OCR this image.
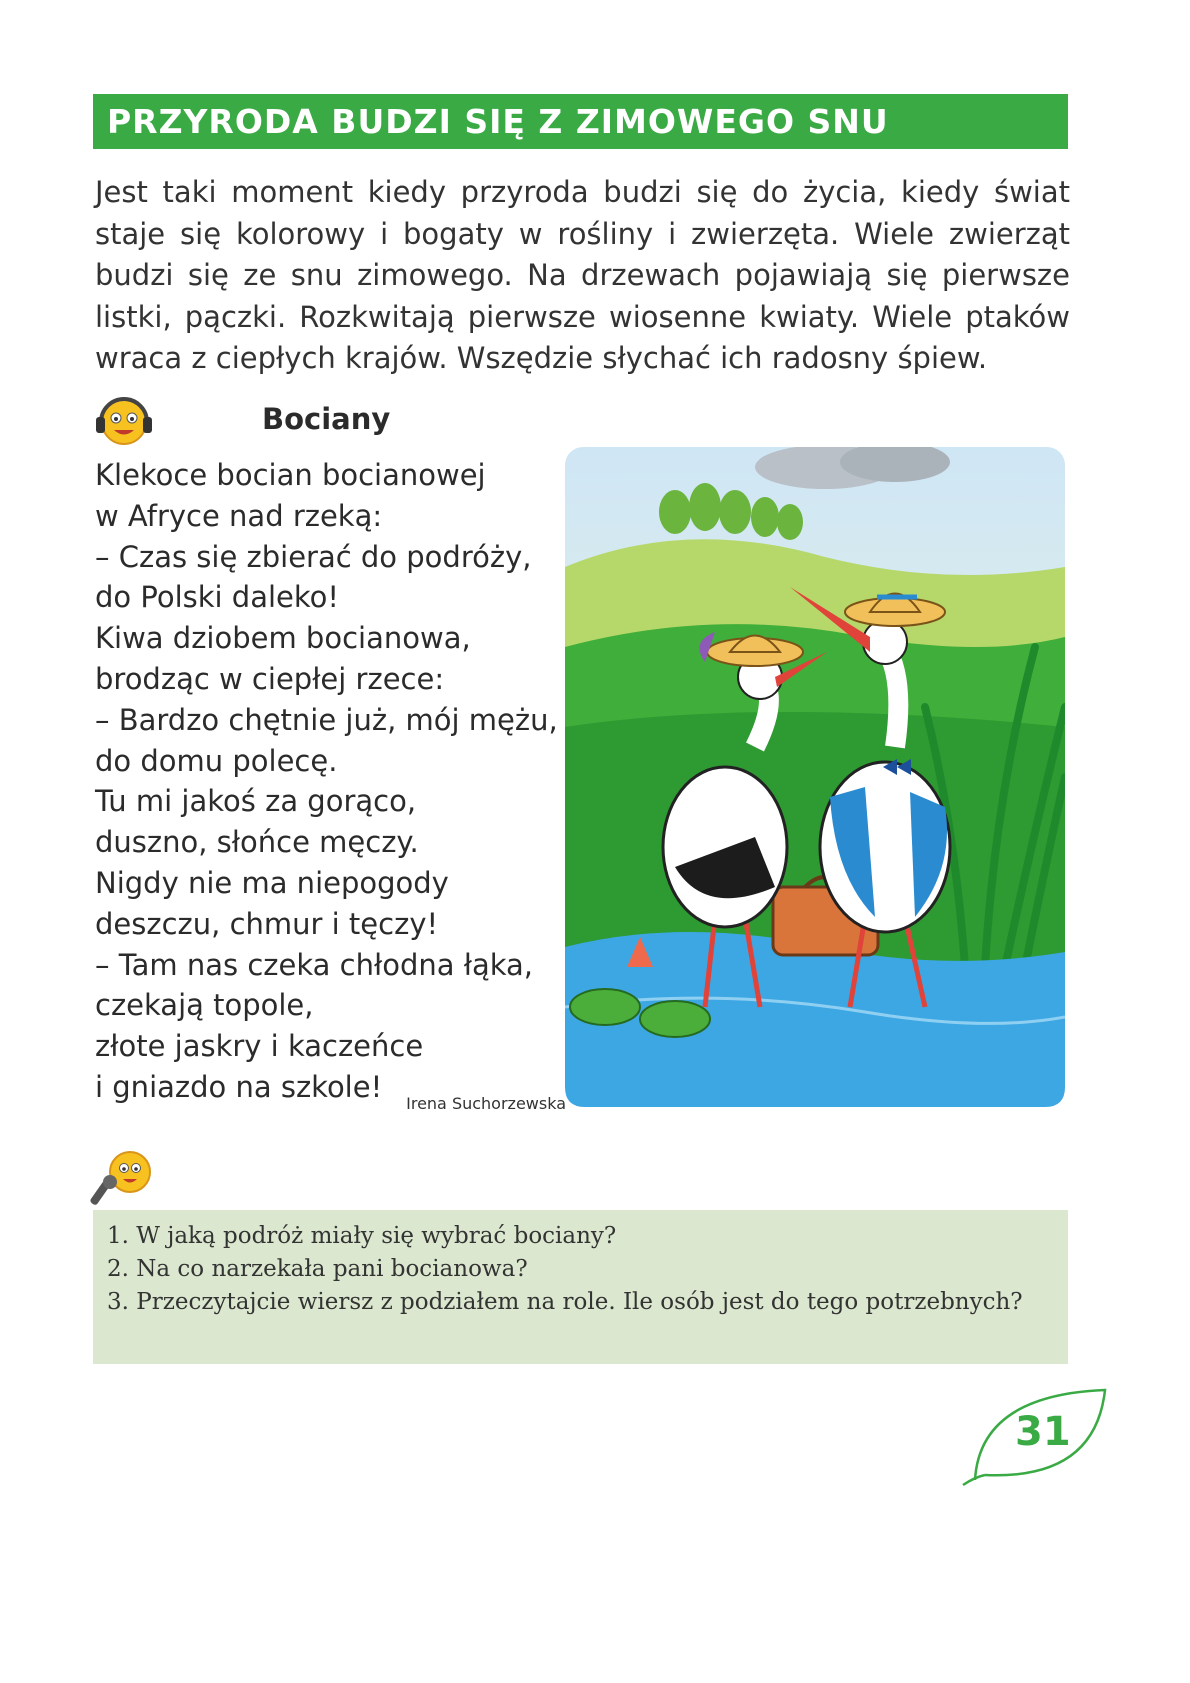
PRZYRODA BUDZI SIĘ Z ZIMOWEGO SNU

Jest taki moment kiedy przyroda budzi się do życia, kiedy świat staje się kolorowy i bogaty w rośliny i zwierzęta. Wiele zwierząt budzi się ze snu zimowego. Na drzewach pojawiają się pierwsze listki, pączki. Rozkwitają pierwsze wiosenne kwiaty. Wiele ptaków wraca z ciepłych krajów. Wszędzie słychać ich radosny śpiew.

Bociany
Klekoce bocian bocianowej
w Afryce nad rzeką:
– Czas się zbierać do podróży,
do Polski daleko!
Kiwa dziobem bocianowa,
brodząc w ciepłej rzece:
– Bardzo chętnie już, mój mężu,
do domu polecę.
Tu mi jakoś za gorąco,
duszno, słońce męczy.
Nigdy nie ma niepogody
deszczu, chmur i tęczy!
– Tam nas czeka chłodna łąka,
czekają topole,
złote jaskry i kaczeńce
i gniazdo na szkole!	Irena Suchorzewska
1. W jaką podróż miały się wybrać bociany?
2. Na co narzekała pani bocianowa?
3. Przeczytajcie wiersz z podziałem na role. Ile osób jest do tego potrzebnych?
31
